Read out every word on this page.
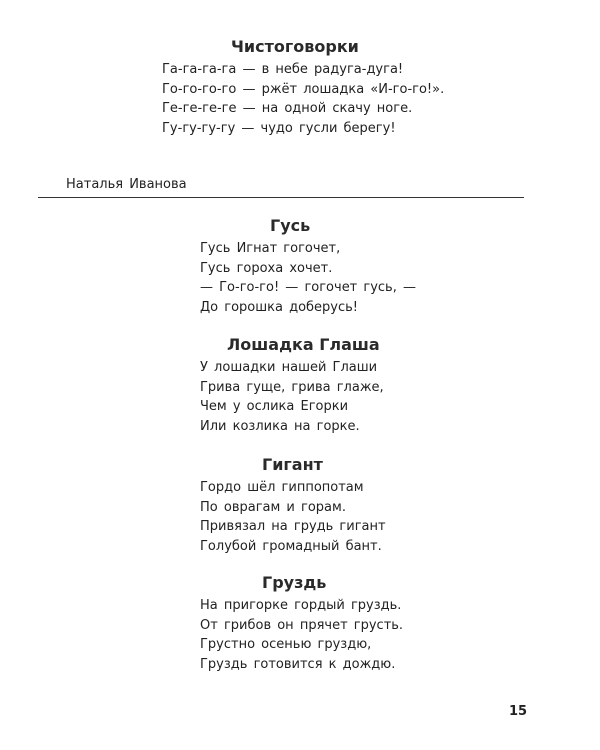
Чистоговорки
Га-га-га-га — в небе радуга-дуга!
Го-го-го-го — ржёт лошадка «И-го-го!».
Ге-ге-ге-ге — на одной скачу ноге.
Гу-гу-гу-гу — чудо гусли берегу!
Наталья Иванова
Гусь
Гусь Игнат гогочет,
Гусь гороха хочет.
— Го-го-го! — гогочет гусь, —
До горошка доберусь!
Лошадка Глаша
У лошадки нашей Глаши
Грива гуще, грива глаже,
Чем у ослика Егорки
Или козлика на горке.
Гигант
Гордо шёл гиппопотам
По оврагам и горам.
Привязал на грудь гигант
Голубой громадный бант.
Груздь
На пригорке гордый груздь.
От грибов он прячет грусть.
Грустно осенью груздю,
Груздь готовится к дождю.
15
